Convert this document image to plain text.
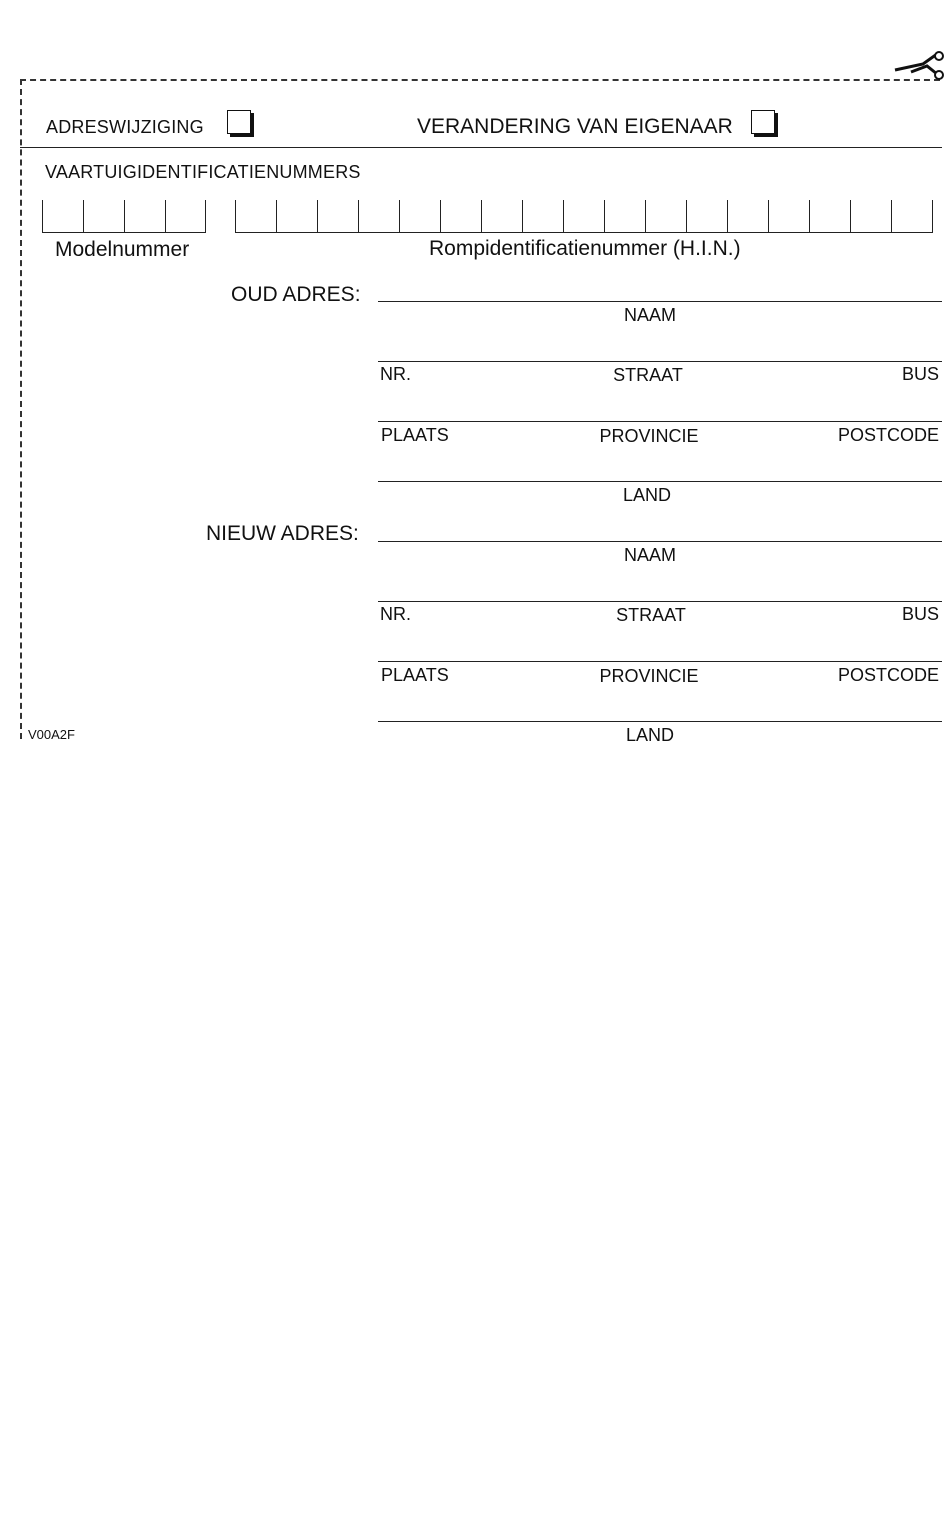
ADRESWIJZIGING	VERANDERING VAN EIGENAAR
VAARTUIGIDENTIFICATIENUMMERS
Modelnummer	Rompidentificatienummer (H.I.N.)
OUD ADRES:
NAAM
NR.	STRAAT	BUS
PLAATS	PROVINCIE	POSTCODE
LAND
NIEUW ADRES:
NAAM
NR.	STRAAT	BUS
PLAATS	PROVINCIE	POSTCODE
LAND
V00A2F
